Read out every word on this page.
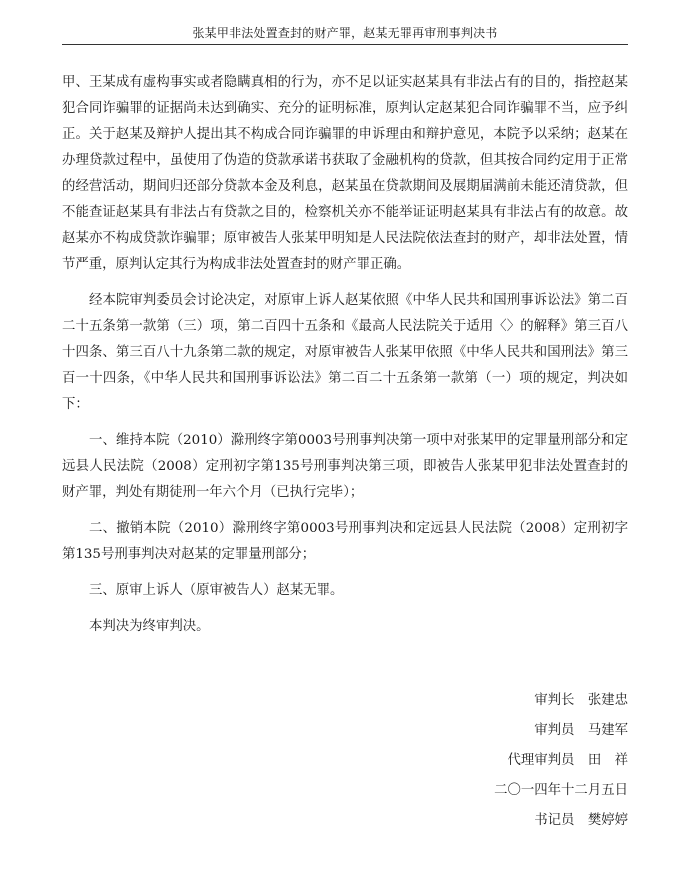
张某甲非法处置查封的财产罪，赵某无罪再审刑事判决书

甲、王某成有虚构事实或者隐瞒真相的行为，亦不足以证实赵某具有非法占有的目的，指控赵某犯合同诈骗罪的证据尚未达到确实、充分的证明标准，原判认定赵某犯合同诈骗罪不当，应予纠正。关于赵某及辩护人提出其不构成合同诈骗罪的申诉理由和辩护意见，本院予以采纳；赵某在办理贷款过程中，虽使用了伪造的贷款承诺书获取了金融机构的贷款，但其按合同约定用于正常的经营活动，期间归还部分贷款本金及利息，赵某虽在贷款期间及展期届满前未能还清贷款，但不能查证赵某具有非法占有贷款之目的，检察机关亦不能举证证明赵某具有非法占有的故意。故赵某亦不构成贷款诈骗罪；原审被告人张某甲明知是人民法院依法查封的财产，却非法处置，情节严重，原判认定其行为构成非法处置查封的财产罪正确。

经本院审判委员会讨论决定，对原审上诉人赵某依照《中华人民共和国刑事诉讼法》第二百二十五条第一款第（三）项，第二百四十五条和《最高人民法院关于适用〈〉的解释》第三百八十四条、第三百八十九条第二款的规定，对原审被告人张某甲依照《中华人民共和国刑法》第三百一十四条，《中华人民共和国刑事诉讼法》第二百二十五条第一款第（一）项的规定，判决如下：

一、维持本院（2010）滁刑终字第0003号刑事判决第一项中对张某甲的定罪量刑部分和定远县人民法院（2008）定刑初字第135号刑事判决第三项，即被告人张某甲犯非法处置查封的财产罪，判处有期徒刑一年六个月（已执行完毕）；

二、撤销本院（2010）滁刑终字第0003号刑事判决和定远县人民法院（2008）定刑初字第135号刑事判决对赵某的定罪量刑部分；

三、原审上诉人（原审被告人）赵某无罪。

本判决为终审判决。

审判长　张建忠
审判员　马建军
代理审判员　田　祥
二〇一四年十二月五日
书记员　樊婷婷
